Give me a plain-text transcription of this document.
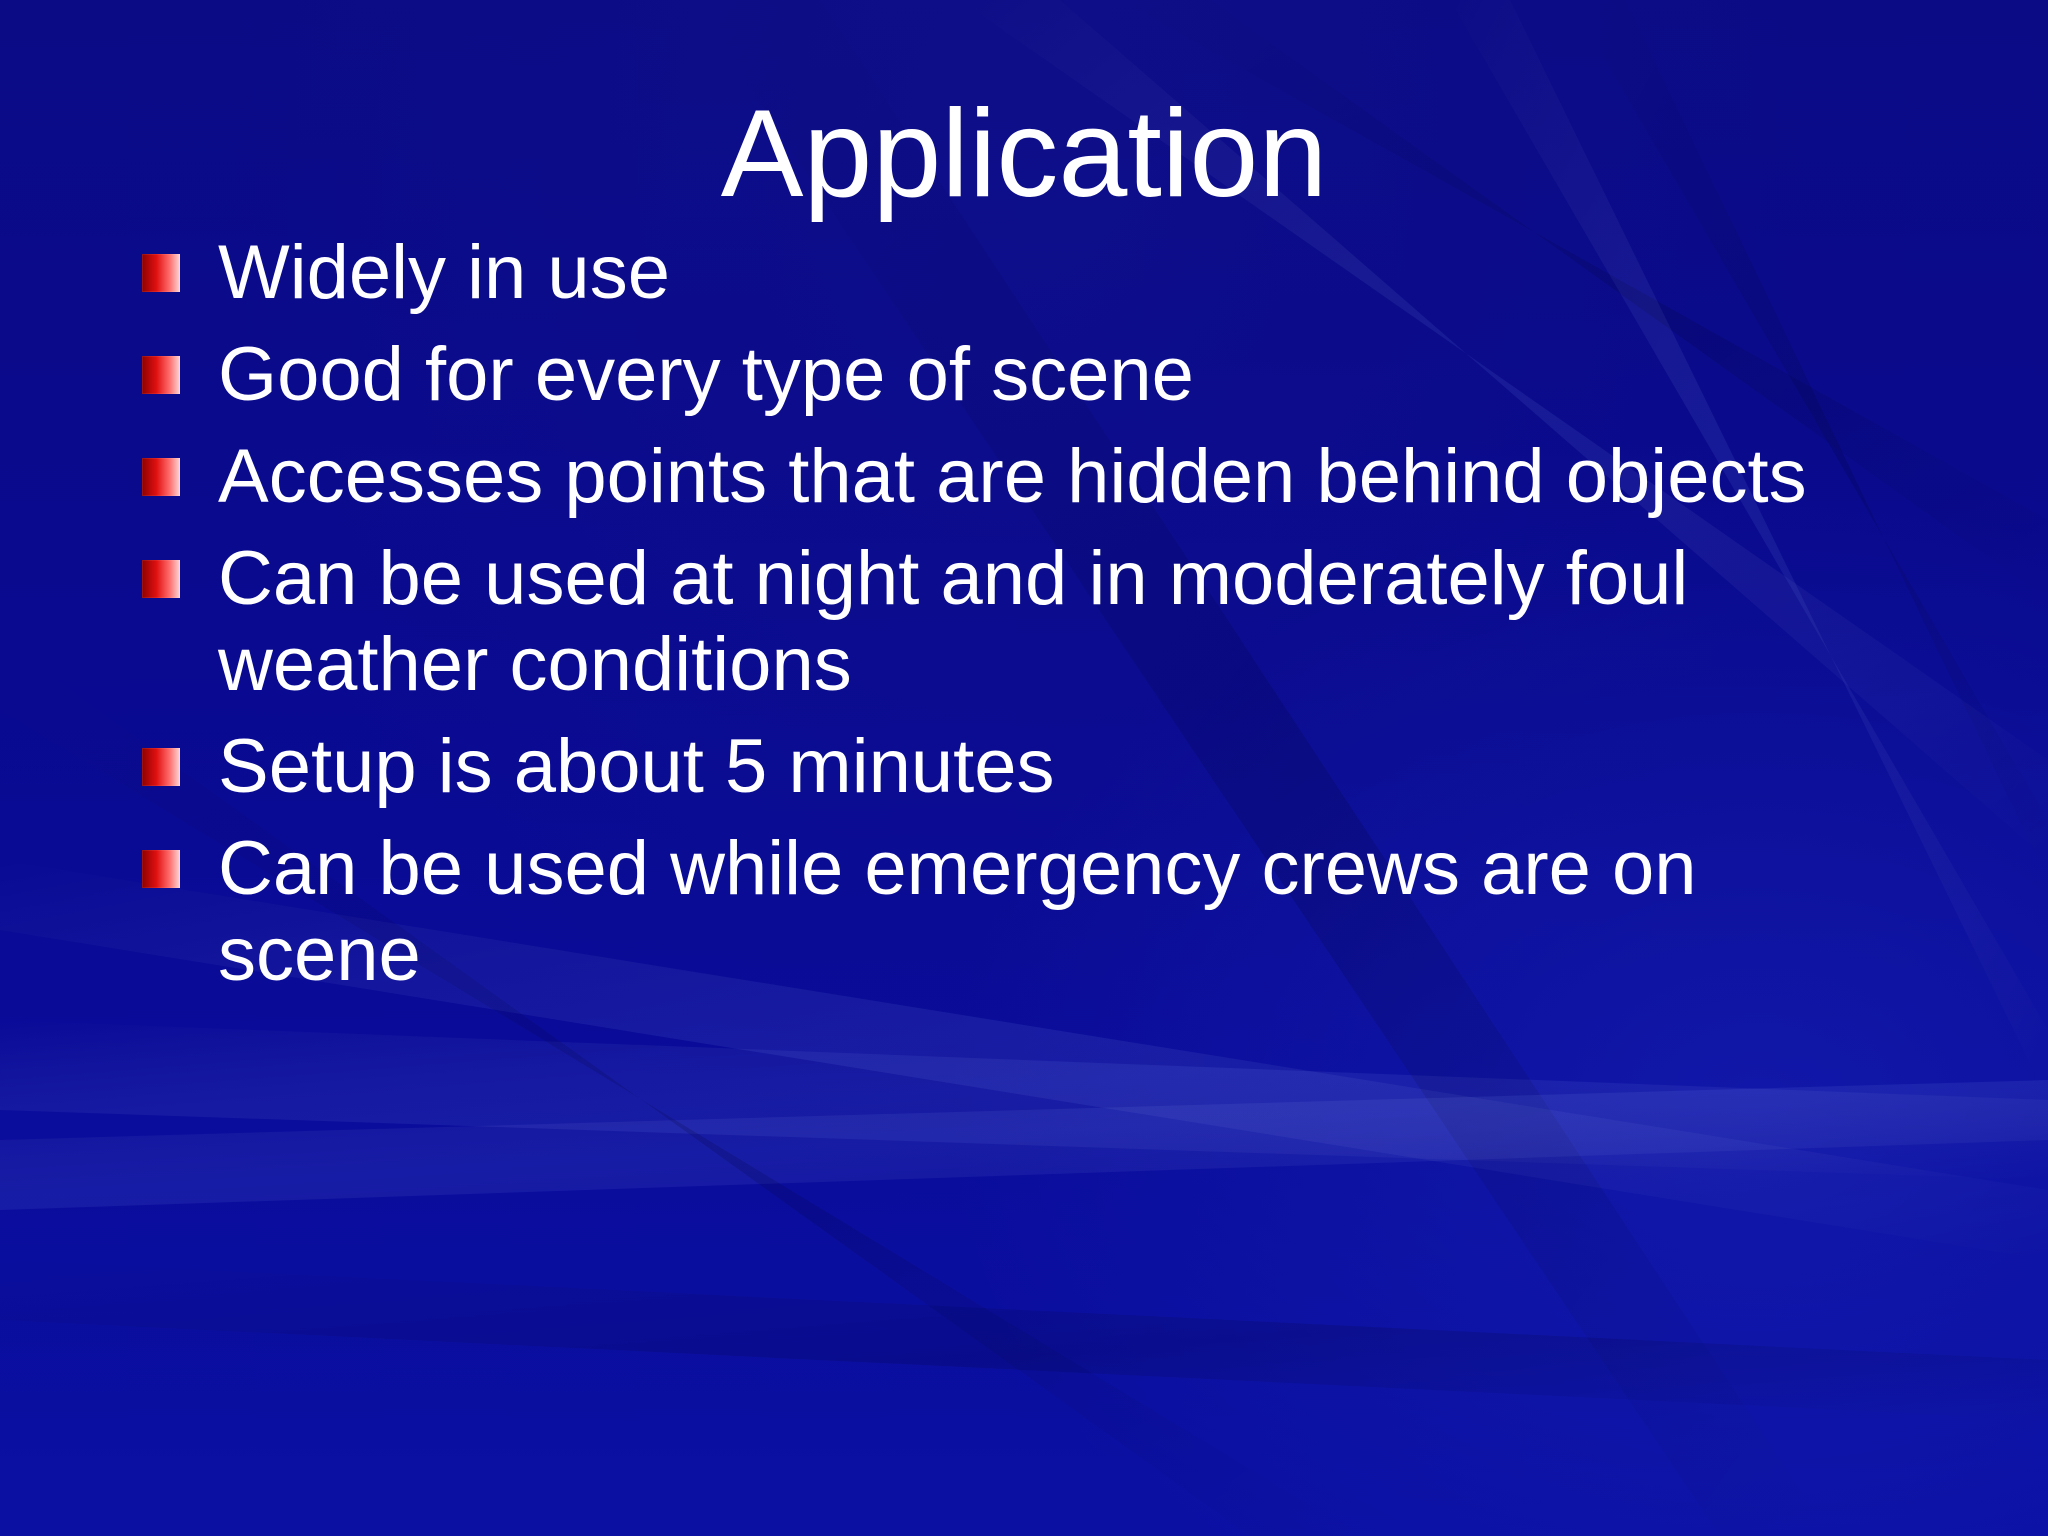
Application
Widely in use
Good for every type of scene
Accesses points that are hidden behind objects
Can be used at night and in moderately foul weather conditions
Setup is about 5 minutes
Can be used while emergency crews are on scene
